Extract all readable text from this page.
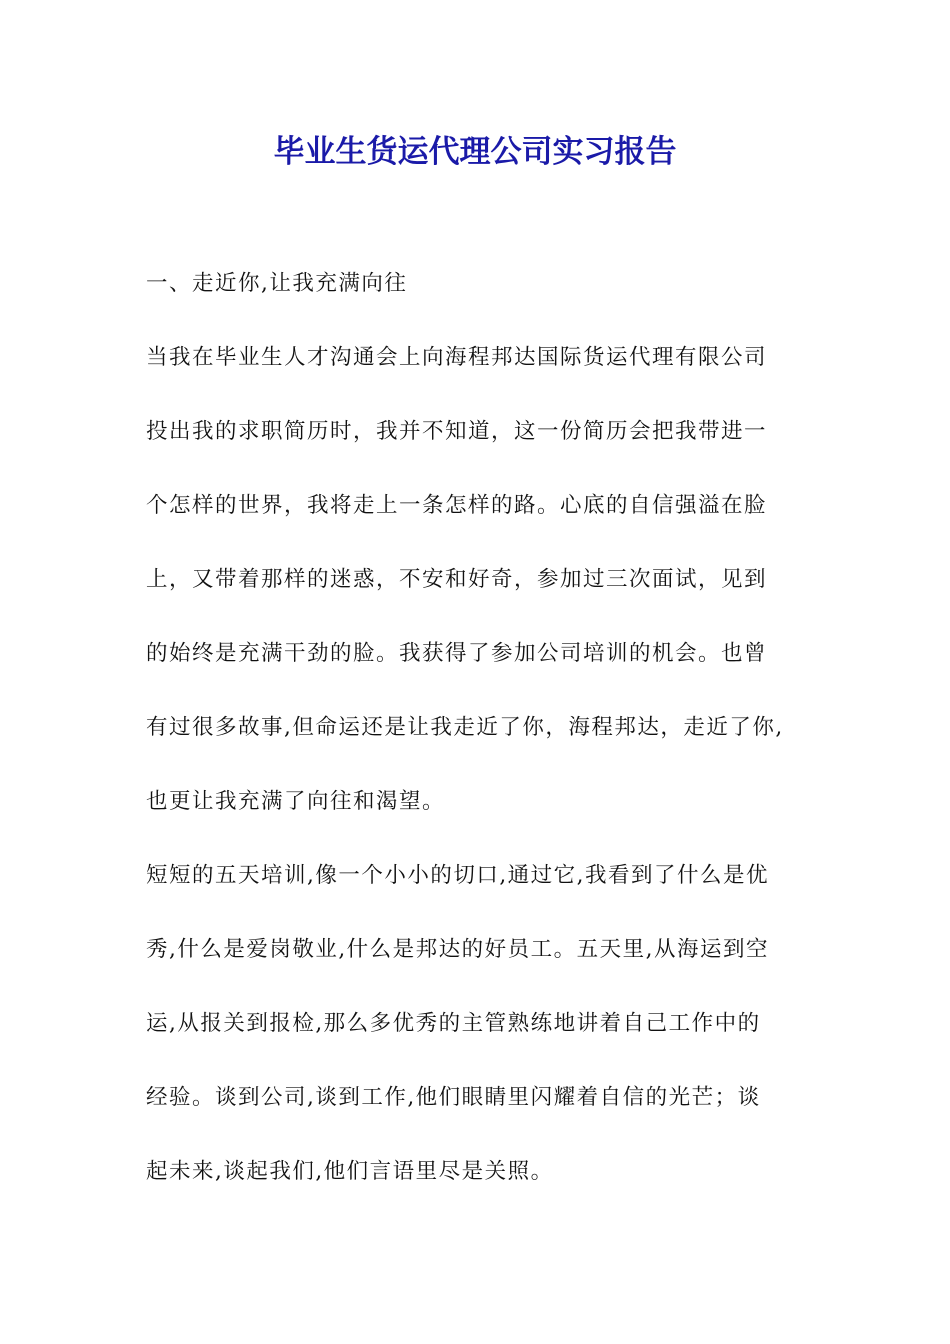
毕业生货运代理公司实习报告
一、走近你,让我充满向往
当我在毕业生人才沟通会上向海程邦达国际货运代理有限公司
投出我的求职简历时，我并不知道，这一份简历会把我带进一
个怎样的世界，我将走上一条怎样的路。心底的自信强溢在脸
上，又带着那样的迷惑，不安和好奇，参加过三次面试，见到
的始终是充满干劲的脸。我获得了参加公司培训的机会。也曾
有过很多故事,但命运还是让我走近了你，海程邦达，走近了你,
也更让我充满了向往和渴望。
短短的五天培训,像一个小小的切口,通过它,我看到了什么是优
秀,什么是爱岗敬业,什么是邦达的好员工。五天里,从海运到空
运,从报关到报检,那么多优秀的主管熟练地讲着自己工作中的
经验。谈到公司,谈到工作,他们眼睛里闪耀着自信的光芒；谈
起未来,谈起我们,他们言语里尽是关照。
